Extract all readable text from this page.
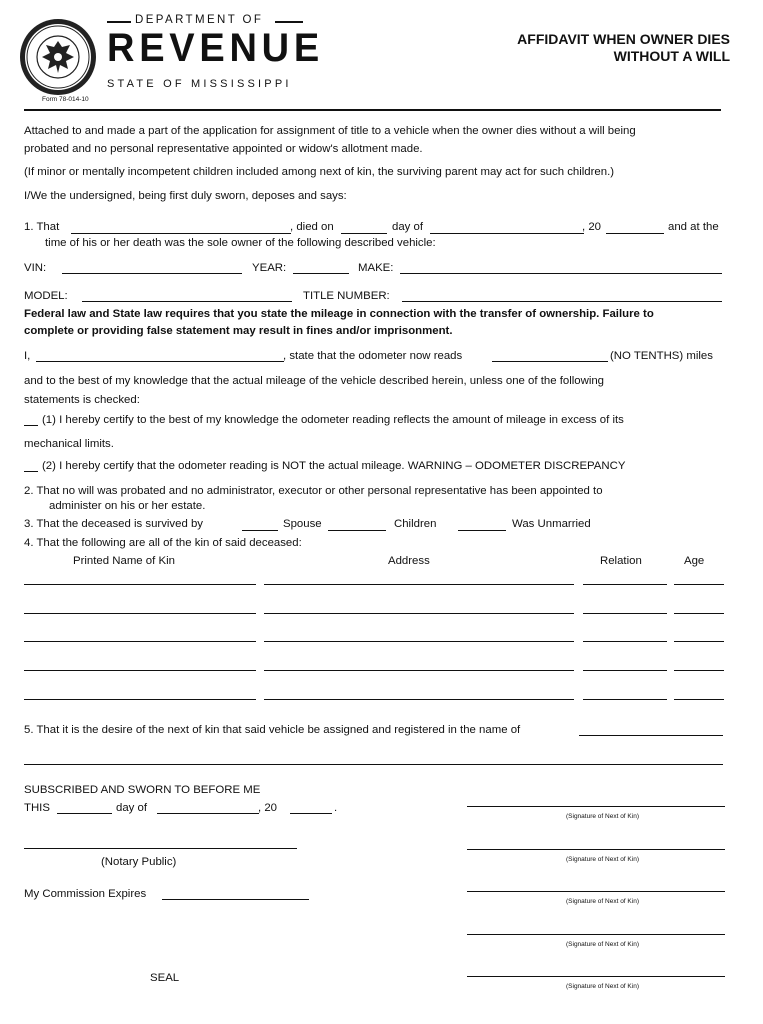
DEPARTMENT OF
REVENUE
STATE OF MISSISSIPPI
Form 78-014-10
AFFIDAVIT WHEN OWNER DIES
WITHOUT A WILL
Attached to and made a part of the application for assignment of title to a vehicle when the owner dies without a will being
probated and no personal representative appointed or widow's allotment made.
(If minor or mentally incompetent children included among next of kin, the surviving parent may act for such children.)
I/We the undersigned, being first duly sworn, deposes and says:
1. That	, died on	day of	, 20	and at the
time of his or her death was the sole owner of the following described vehicle:
VIN:	YEAR:	MAKE:
MODEL:	TITLE NUMBER:
Federal law and State law requires that you state the mileage in connection with the transfer of ownership. Failure to
complete or providing false statement may result in fines and/or imprisonment.
I,	, state that the odometer now reads	(NO TENTHS) miles
and to the best of my knowledge that the actual mileage of the vehicle described herein, unless one of the following
statements is checked:
(1) I hereby certify to the best of my knowledge the odometer reading reflects the amount of mileage in excess of its
mechanical limits.
(2) I hereby certify that the odometer reading is NOT the actual mileage. WARNING – ODOMETER DISCREPANCY
2. That no will was probated and no administrator, executor or other personal representative has been appointed to
administer on his or her estate.
3. That the deceased is survived by	Spouse	Children	Was Unmarried
4. That the following are all of the kin of said deceased:
Printed Name of Kin	Address	Relation	Age
5. That it is the desire of the next of kin that said vehicle be assigned and registered in the name of
SUBSCRIBED AND SWORN TO BEFORE ME
THIS	day of	, 20	.
(Notary Public)
My Commission Expires
SEAL
(Signature of Next of Kin)
(Signature of Next of Kin)
(Signature of Next of Kin)
(Signature of Next of Kin)
(Signature of Next of Kin)
